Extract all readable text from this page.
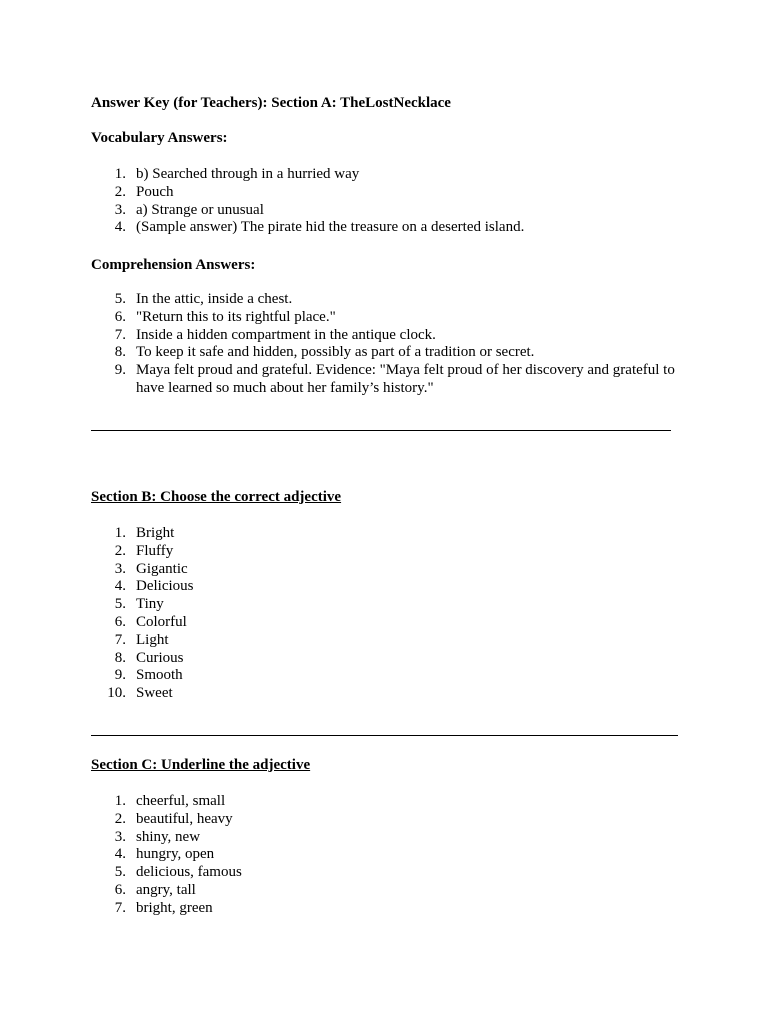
Answer Key (for Teachers): Section A: TheLostNecklace
Vocabulary Answers:
1. b) Searched through in a hurried way
2. Pouch
3. a) Strange or unusual
4. (Sample answer) The pirate hid the treasure on a deserted island.
Comprehension Answers:
5. In the attic, inside a chest.
6. "Return this to its rightful place."
7. Inside a hidden compartment in the antique clock.
8. To keep it safe and hidden, possibly as part of a tradition or secret.
9. Maya felt proud and grateful. Evidence: "Maya felt proud of her discovery and grateful to have learned so much about her family’s history."
Section B: Choose the correct adjective
1. Bright
2. Fluffy
3. Gigantic
4. Delicious
5. Tiny
6. Colorful
7. Light
8. Curious
9. Smooth
10. Sweet
Section C: Underline the adjective
1. cheerful, small
2. beautiful, heavy
3. shiny, new
4. hungry, open
5. delicious, famous
6. angry, tall
7. bright, green
